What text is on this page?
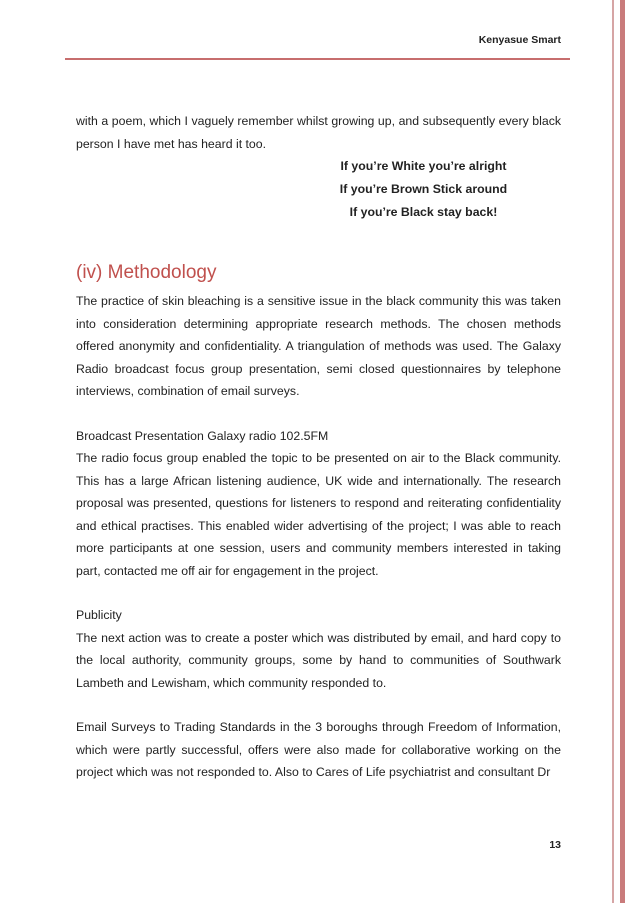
Kenyasue Smart

with a poem, which I vaguely remember whilst growing up, and subsequently every black person I have met has heard it too.

If you’re White you’re alright
If you’re Brown Stick around
If you’re Black stay back!
(iv) Methodology

The practice of skin bleaching is a sensitive issue in the black community this was taken into consideration determining appropriate research methods. The chosen methods offered anonymity and confidentiality. A triangulation of methods was used. The Galaxy Radio broadcast focus group presentation, semi closed questionnaires by telephone interviews, combination of email surveys.

Broadcast Presentation Galaxy radio 102.5FM

The radio focus group enabled the topic to be presented on air to the Black community. This has a large African listening audience, UK wide and internationally. The research proposal was presented, questions for listeners to respond and reiterating confidentiality and ethical practises. This enabled wider advertising of the project; I was able to reach more participants at one session, users and community members interested in taking part, contacted me off air for engagement in the project.

Publicity

The next action was to create a poster which was distributed by email, and hard copy to the local authority, community groups, some by hand to communities of Southwark Lambeth and Lewisham, which community responded to.

Email Surveys to Trading Standards in the 3 boroughs through Freedom of Information, which were partly successful, offers were also made for collaborative working on the project which was not responded to. Also to Cares of Life psychiatrist and consultant Dr

13
